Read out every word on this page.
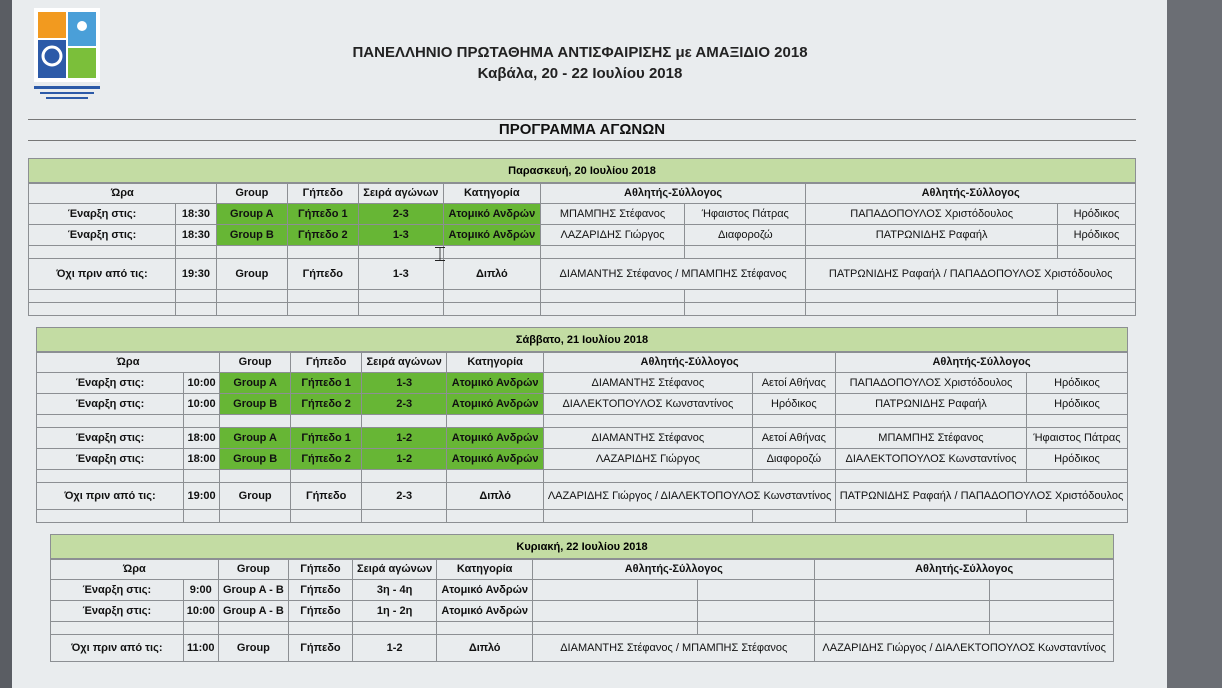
ΠΑΝΕΛΛΗΝΙΟ ΠΡΩΤΑΘΗΜΑ ΑΝΤΙΣΦΑΙΡΙΣΗΣ με ΑΜΑΞΙΔΙΟ 2018
Καβάλα, 20 - 22 Ιουλίου 2018
ΠΡΟΓΡΑΜΜΑ ΑΓΩΝΩΝ
Παρασκευή, 20 Ιουλίου 2018
Ώρα		Group	Γήπεδο	Σειρά αγώνων	Κατηγορία	Αθλητής-Σύλλογος		Αθλητής-Σύλλογος	
Έναρξη στις:	18:30	Group A	Γήπεδο 1	2-3	Ατομικό Ανδρών	ΜΠΑΜΠΗΣ Στέφανος	Ήφαιστος Πάτρας	ΠΑΠΑΔΟΠΟΥΛΟΣ Χριστόδουλος	Ηρόδικος
Έναρξη στις:	18:30	Group B	Γήπεδο 2	1-3	Ατομικό Ανδρών	ΛΑΖΑΡΙΔΗΣ Γιώργος	Διαφοροζώ	ΠΑΤΡΩΝΙΔΗΣ Ραφαήλ	Ηρόδικος

Όχι πριν από τις:	19:30	Group	Γήπεδο	1-3	Διπλό	ΔΙΑΜΑΝΤΗΣ Στέφανος / ΜΠΑΜΠΗΣ Στέφανος		ΠΑΤΡΩΝΙΔΗΣ Ραφαήλ / ΠΑΠΑΔΟΠΟΥΛΟΣ Χριστόδουλος	

Σάββατο, 21 Ιουλίου 2018
Ώρα		Group	Γήπεδο	Σειρά αγώνων	Κατηγορία	Αθλητής-Σύλλογος		Αθλητής-Σύλλογος	
Έναρξη στις:	10:00	Group A	Γήπεδο 1	1-3	Ατομικό Ανδρών	ΔΙΑΜΑΝΤΗΣ Στέφανος	Αετοί Αθήνας	ΠΑΠΑΔΟΠΟΥΛΟΣ Χριστόδουλος	Ηρόδικος
Έναρξη στις:	10:00	Group B	Γήπεδο 2	2-3	Ατομικό Ανδρών	ΔΙΑΛΕΚΤΟΠΟΥΛΟΣ Κωνσταντίνος	Ηρόδικος	ΠΑΤΡΩΝΙΔΗΣ Ραφαήλ	Ηρόδικος

Έναρξη στις:	18:00	Group A	Γήπεδο 1	1-2	Ατομικό Ανδρών	ΔΙΑΜΑΝΤΗΣ Στέφανος	Αετοί Αθήνας	ΜΠΑΜΠΗΣ Στέφανος	Ήφαιστος Πάτρας
Έναρξη στις:	18:00	Group B	Γήπεδο 2	1-2	Ατομικό Ανδρών	ΛΑΖΑΡΙΔΗΣ Γιώργος	Διαφοροζώ	ΔΙΑΛΕΚΤΟΠΟΥΛΟΣ Κωνσταντίνος	Ηρόδικος

Όχι πριν από τις:	19:00	Group	Γήπεδο	2-3	Διπλό	ΛΑΖΑΡΙΔΗΣ Γιώργος / ΔΙΑΛΕΚΤΟΠΟΥΛΟΣ Κωνσταντίνος		ΠΑΤΡΩΝΙΔΗΣ Ραφαήλ / ΠΑΠΑΔΟΠΟΥΛΟΣ Χριστόδουλος	

Κυριακή, 22 Ιουλίου 2018
Ώρα		Group	Γήπεδο	Σειρά αγώνων	Κατηγορία	Αθλητής-Σύλλογος		Αθλητής-Σύλλογος	
Έναρξη στις:	9:00	Group A - B	Γήπεδο	3η - 4η	Ατομικό Ανδρών				
Έναρξη στις:	10:00	Group A - B	Γήπεδο	1η - 2η	Ατομικό Ανδρών				

Όχι πριν από τις:	11:00	Group	Γήπεδο	1-2	Διπλό	ΔΙΑΜΑΝΤΗΣ Στέφανος / ΜΠΑΜΠΗΣ Στέφανος		ΛΑΖΑΡΙΔΗΣ Γιώργος / ΔΙΑΛΕΚΤΟΠΟΥΛΟΣ Κωνσταντίνος	
⌶
